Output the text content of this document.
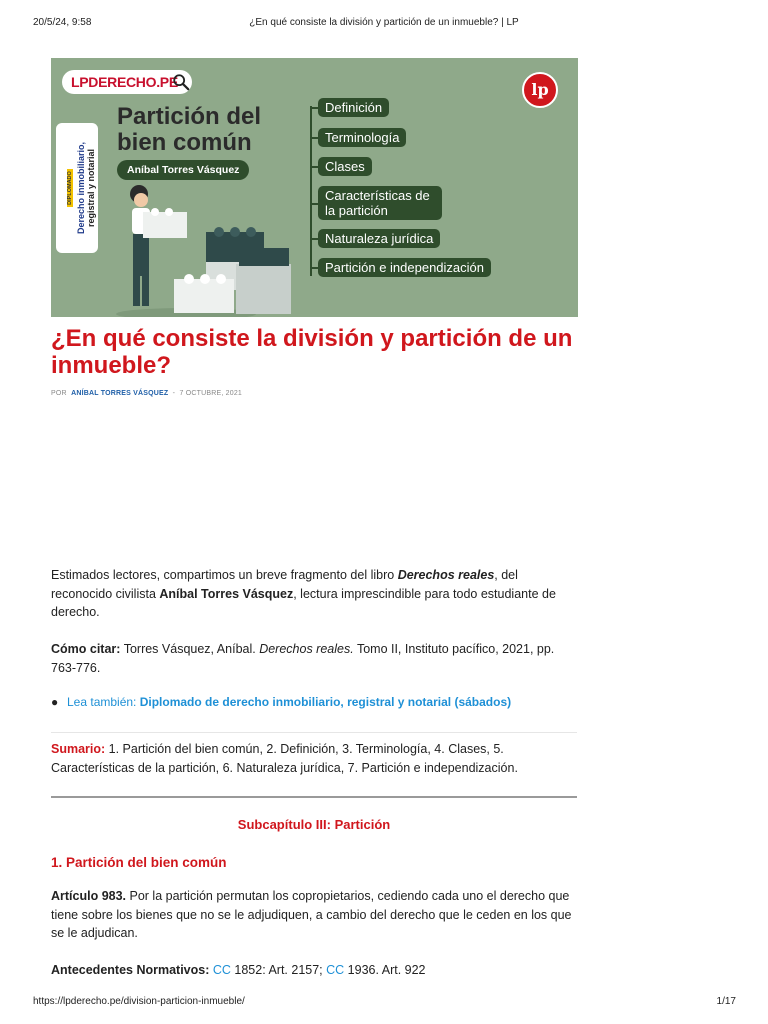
20/5/24, 9:58	¿En qué consiste la división y partición de un inmueble? | LP
LPDERECHO.PE	lp
DIPLOMADO Derecho inmobiliario, registral y notarial
Partición del bien común
Aníbal Torres Vásquez
Definición
Terminología
Clases
Características de la partición
Naturaleza jurídica
Partición e independización
¿En qué consiste la división y partición de un inmueble?
POR ANÍBAL TORRES VÁSQUEZ - 7 OCTUBRE, 2021

Estimados lectores, compartimos un breve fragmento del libro Derechos reales, del reconocido civilista Aníbal Torres Vásquez, lectura imprescindible para todo estudiante de derecho.

Cómo citar: Torres Vásquez, Aníbal. Derechos reales. Tomo II, Instituto pacífico, 2021, pp. 763-776.

● Lea también: Diplomado de derecho inmobiliario, registral y notarial (sábados)

Sumario: 1. Partición del bien común, 2. Definición, 3. Terminología, 4. Clases, 5. Características de la partición, 6. Naturaleza jurídica, 7. Partición e independización.

Subcapítulo III: Partición
1. Partición del bien común

Artículo 983. Por la partición permutan los copropietarios, cediendo cada uno el derecho que tiene sobre los bienes que no se le adjudiquen, a cambio del derecho que le ceden en los que se le adjudican.

Antecedentes Normativos: CC 1852: Art. 2157; CC 1936. Art. 922

https://lpderecho.pe/division-particion-inmueble/	1/17
